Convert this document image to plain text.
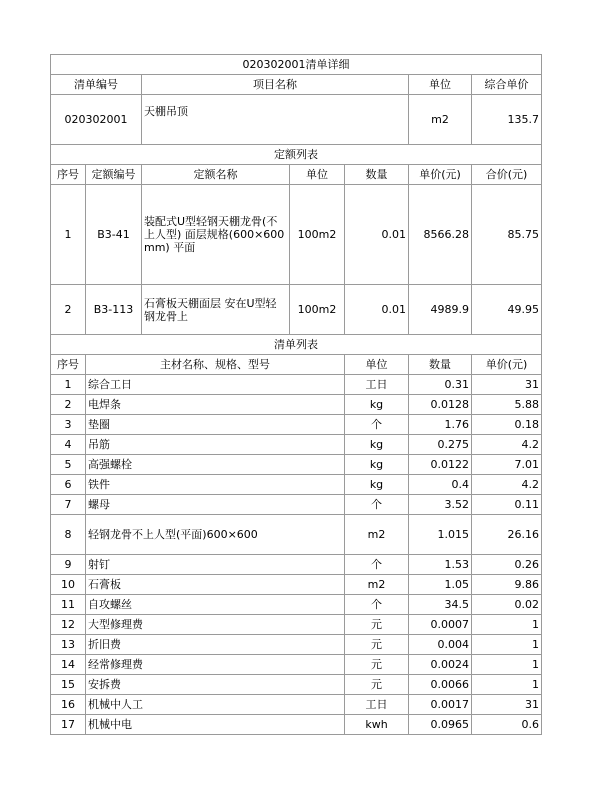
020302001清单详细							
清单编号		项目名称			单位	综合单价	
020302001		天棚吊顶			m2	135.7	
定额列表							
序号	定额编号	定额名称	单位	数量	单价(元)	合价(元)	
1	B3-41	装配式U型轻钢天棚龙骨(不上人型) 面层规格(600×600mm) 平面	100m2	0.01	8566.28	85.75	
2	B3-113	石膏板天棚面层 安在U型轻钢龙骨上	100m2	0.01	4989.9	49.95	
清单列表							
序号	主材名称、规格、型号			单位	数量	单价(元)	
1	综合工日			工日	0.31	31	
2	电焊条			kg	0.0128	5.88	
3	垫圈			个	1.76	0.18	
4	吊筋			kg	0.275	4.2	
5	高强螺栓			kg	0.0122	7.01	
6	铁件			kg	0.4	4.2	
7	螺母			个	3.52	0.11	
8	轻钢龙骨不上人型(平面)600×600			m2	1.015	26.16	
9	射钉			个	1.53	0.26	
10	石膏板			m2	1.05	9.86	
11	自攻螺丝			个	34.5	0.02	
12	大型修理费			元	0.0007	1	
13	折旧费			元	0.004	1	
14	经常修理费			元	0.0024	1	
15	安拆费			元	0.0066	1	
16	机械中人工			工日	0.0017	31	
17	机械中电			kwh	0.0965	0.6	
